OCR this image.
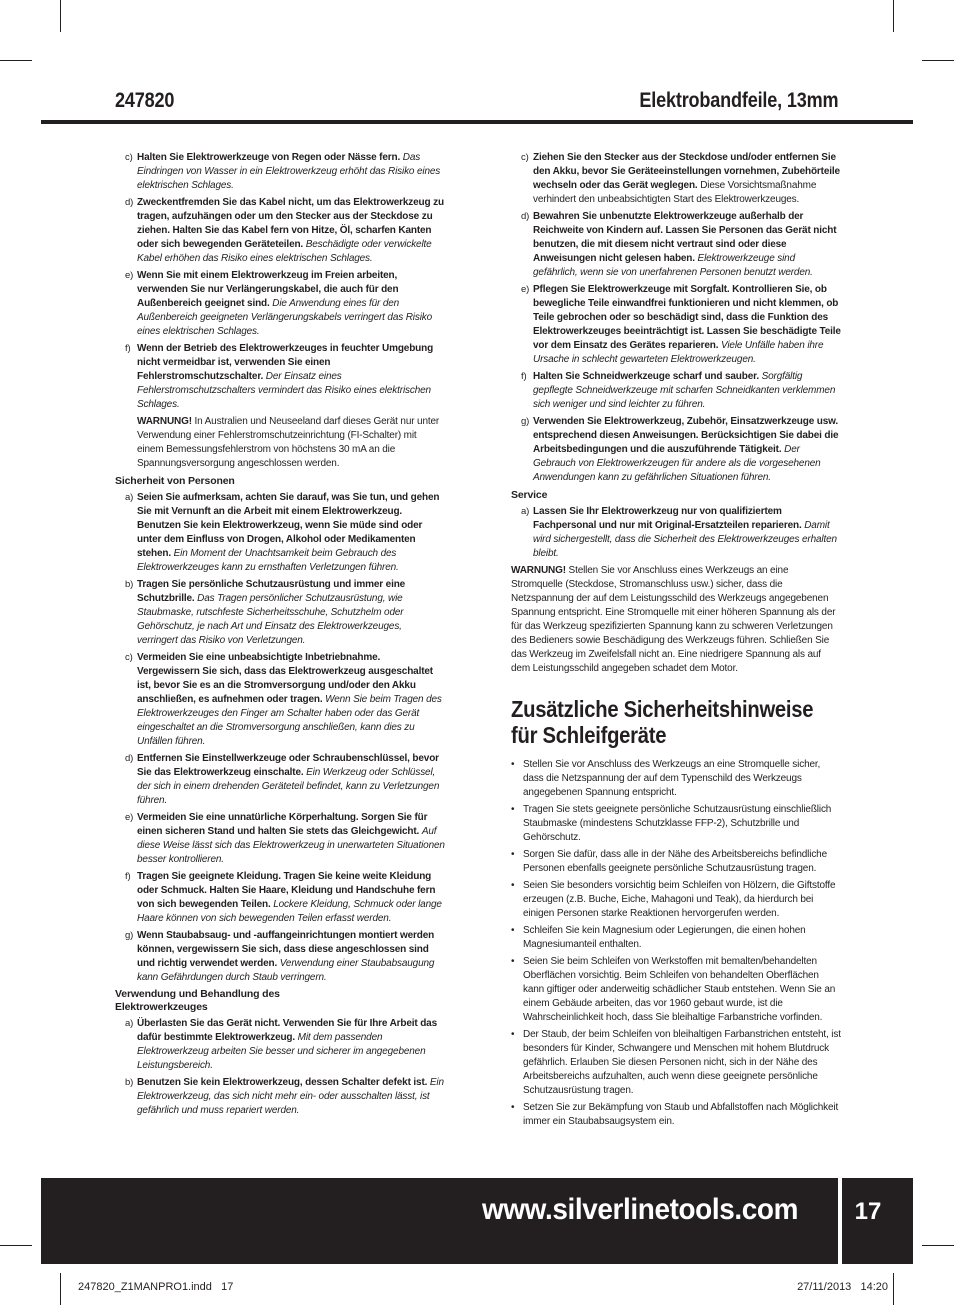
247820	Elektrobandfeile, 13mm
c) Halten Sie Elektrowerkzeuge von Regen oder Nässe fern. Das Eindringen von Wasser in ein Elektrowerkzeug erhöht das Risiko eines elektrischen Schlages.
d) Zweckentfremden Sie das Kabel nicht, um das Elektrowerkzeug zu tragen, aufzuhängen oder um den Stecker aus der Steckdose zu ziehen. Halten Sie das Kabel fern von Hitze, Öl, scharfen Kanten oder sich bewegenden Geräteteilen. Beschädigte oder verwickelte Kabel erhöhen das Risiko eines elektrischen Schlages.
e) Wenn Sie mit einem Elektrowerkzeug im Freien arbeiten, verwenden Sie nur Verlängerungskabel, die auch für den Außenbereich geeignet sind. Die Anwendung eines für den Außenbereich geeigneten Verlängerungskabels verringert das Risiko eines elektrischen Schlages.
f) Wenn der Betrieb des Elektrowerkzeuges in feuchter Umgebung nicht vermeidbar ist, verwenden Sie einen Fehlerstromschutzschalter. Der Einsatz eines Fehlerstromschutzschalters vermindert das Risiko eines elektrischen Schlages.
WARNUNG! In Australien und Neuseeland darf dieses Gerät nur unter Verwendung einer Fehlerstromschutzeinrichtung (FI-Schalter) mit einem Bemessungsfehlerstrom von höchstens 30 mA an die Spannungsversorgung angeschlossen werden.
Sicherheit von Personen
a) Seien Sie aufmerksam, achten Sie darauf, was Sie tun, und gehen Sie mit Vernunft an die Arbeit mit einem Elektrowerkzeug. Benutzen Sie kein Elektrowerkzeug, wenn Sie müde sind oder unter dem Einfluss von Drogen, Alkohol oder Medikamenten stehen. Ein Moment der Unachtsamkeit beim Gebrauch des Elektrowerkzeuges kann zu ernsthaften Verletzungen führen.
b) Tragen Sie persönliche Schutzausrüstung und immer eine Schutzbrille. Das Tragen persönlicher Schutzausrüstung, wie Staubmaske, rutschfeste Sicherheitsschuhe, Schutzhelm oder Gehörschutz, je nach Art und Einsatz des Elektrowerkzeuges, verringert das Risiko von Verletzungen.
c) Vermeiden Sie eine unbeabsichtigte Inbetriebnahme. Vergewissern Sie sich, dass das Elektrowerkzeug ausgeschaltet ist, bevor Sie es an die Stromversorgung und/oder den Akku anschließen, es aufnehmen oder tragen. Wenn Sie beim Tragen des Elektrowerkzeuges den Finger am Schalter haben oder das Gerät eingeschaltet an die Stromversorgung anschließen, kann dies zu Unfällen führen.
d) Entfernen Sie Einstellwerkzeuge oder Schraubenschlüssel, bevor Sie das Elektrowerkzeug einschalte. Ein Werkzeug oder Schlüssel, der sich in einem drehenden Geräteteil befindet, kann zu Verletzungen führen.
e) Vermeiden Sie eine unnatürliche Körperhaltung. Sorgen Sie für einen sicheren Stand und halten Sie stets das Gleichgewicht. Auf diese Weise lässt sich das Elektrowerkzeug in unerwarteten Situationen besser kontrollieren.
f) Tragen Sie geeignete Kleidung. Tragen Sie keine weite Kleidung oder Schmuck. Halten Sie Haare, Kleidung und Handschuhe fern von sich bewegenden Teilen. Lockere Kleidung, Schmuck oder lange Haare können von sich bewegenden Teilen erfasst werden.
g) Wenn Staubabsaug- und -auffangeinrichtungen montiert werden können, vergewissern Sie sich, dass diese angeschlossen sind und richtig verwendet werden. Verwendung einer Staubabsaugung kann Gefährdungen durch Staub verringern.
Verwendung und Behandlung des Elektrowerkzeuges
a) Überlasten Sie das Gerät nicht. Verwenden Sie für Ihre Arbeit das dafür bestimmte Elektrowerkzeug. Mit dem passenden Elektrowerkzeug arbeiten Sie besser und sicherer im angegebenen Leistungsbereich.
b) Benutzen Sie kein Elektrowerkzeug, dessen Schalter defekt ist. Ein Elektrowerkzeug, das sich nicht mehr ein- oder ausschalten lässt, ist gefährlich und muss repariert werden.
c) Ziehen Sie den Stecker aus der Steckdose und/oder entfernen Sie den Akku, bevor Sie Geräteeinstellungen vornehmen, Zubehörteile wechseln oder das Gerät weglegen. Diese Vorsichtsmaßnahme verhindert den unbeabsichtigten Start des Elektrowerkzeuges.
d) Bewahren Sie unbenutzte Elektrowerkzeuge außerhalb der Reichweite von Kindern auf. Lassen Sie Personen das Gerät nicht benutzen, die mit diesem nicht vertraut sind oder diese Anweisungen nicht gelesen haben. Elektrowerkzeuge sind gefährlich, wenn sie von unerfahrenen Personen benutzt werden.
e) Pflegen Sie Elektrowerkzeuge mit Sorgfalt. Kontrollieren Sie, ob bewegliche Teile einwandfrei funktionieren und nicht klemmen, ob Teile gebrochen oder so beschädigt sind, dass die Funktion des Elektrowerkzeuges beeinträchtigt ist. Lassen Sie beschädigte Teile vor dem Einsatz des Gerätes reparieren. Viele Unfälle haben ihre Ursache in schlecht gewarteten Elektrowerkzeugen.
f) Halten Sie Schneidwerkzeuge scharf und sauber. Sorgfältig gepflegte Schneidwerkzeuge mit scharfen Schneidkanten verklemmen sich weniger und sind leichter zu führen.
g) Verwenden Sie Elektrowerkzeug, Zubehör, Einsatzwerkzeuge usw. entsprechend diesen Anweisungen. Berücksichtigen Sie dabei die Arbeitsbedingungen und die auszuführende Tätigkeit. Der Gebrauch von Elektrowerkzeugen für andere als die vorgesehenen Anwendungen kann zu gefährlichen Situationen führen.
Service
a) Lassen Sie Ihr Elektrowerkzeug nur von qualifiziertem Fachpersonal und nur mit Original-Ersatzteilen reparieren. Damit wird sichergestellt, dass die Sicherheit des Elektrowerkzeuges erhalten bleibt.
WARNUNG! Stellen Sie vor Anschluss eines Werkzeugs an eine Stromquelle (Steckdose, Stromanschluss usw.) sicher, dass die Netzspannung der auf dem Leistungsschild des Werkzeugs angegebenen Spannung entspricht. Eine Stromquelle mit einer höheren Spannung als der für das Werkzeug spezifizierten Spannung kann zu schweren Verletzungen des Bedieners sowie Beschädigung des Werkzeugs führen. Schließen Sie das Werkzeug im Zweifelsfall nicht an. Eine niedrigere Spannung als auf dem Leistungsschild angegeben schadet dem Motor.
Zusätzliche Sicherheitshinweise für Schleifgeräte
• Stellen Sie vor Anschluss des Werkzeugs an eine Stromquelle sicher, dass die Netzspannung der auf dem Typenschild des Werkzeugs angegebenen Spannung entspricht.
• Tragen Sie stets geeignete persönliche Schutzausrüstung einschließlich Staubmaske (mindestens Schutzklasse FFP-2), Schutzbrille und Gehörschutz.
• Sorgen Sie dafür, dass alle in der Nähe des Arbeitsbereichs befindliche Personen ebenfalls geeignete persönliche Schutzausrüstung tragen.
• Seien Sie besonders vorsichtig beim Schleifen von Hölzern, die Giftstoffe erzeugen (z.B. Buche, Eiche, Mahagoni und Teak), da hierdurch bei einigen Personen starke Reaktionen hervorgerufen werden.
• Schleifen Sie kein Magnesium oder Legierungen, die einen hohen Magnesiumanteil enthalten.
• Seien Sie beim Schleifen von Werkstoffen mit bemalten/behandelten Oberflächen vorsichtig. Beim Schleifen von behandelten Oberflächen kann giftiger oder anderweitig schädlicher Staub entstehen. Wenn Sie an einem Gebäude arbeiten, das vor 1960 gebaut wurde, ist die Wahrscheinlichkeit hoch, dass Sie bleihaltige Farbanstriche vorfinden.
• Der Staub, der beim Schleifen von bleihaltigen Farbanstrichen entsteht, ist besonders für Kinder, Schwangere und Menschen mit hohem Blutdruck gefährlich. Erlauben Sie diesen Personen nicht, sich in der Nähe des Arbeitsbereichs aufzuhalten, auch wenn diese geeignete persönliche Schutzausrüstung tragen.
• Setzen Sie zur Bekämpfung von Staub und Abfallstoffen nach Möglichkeit immer ein Staubabsaugsystem ein.
www.silverlinetools.com	17
247820_Z1MANPRO1.indd   17	27/11/2013   14:20
